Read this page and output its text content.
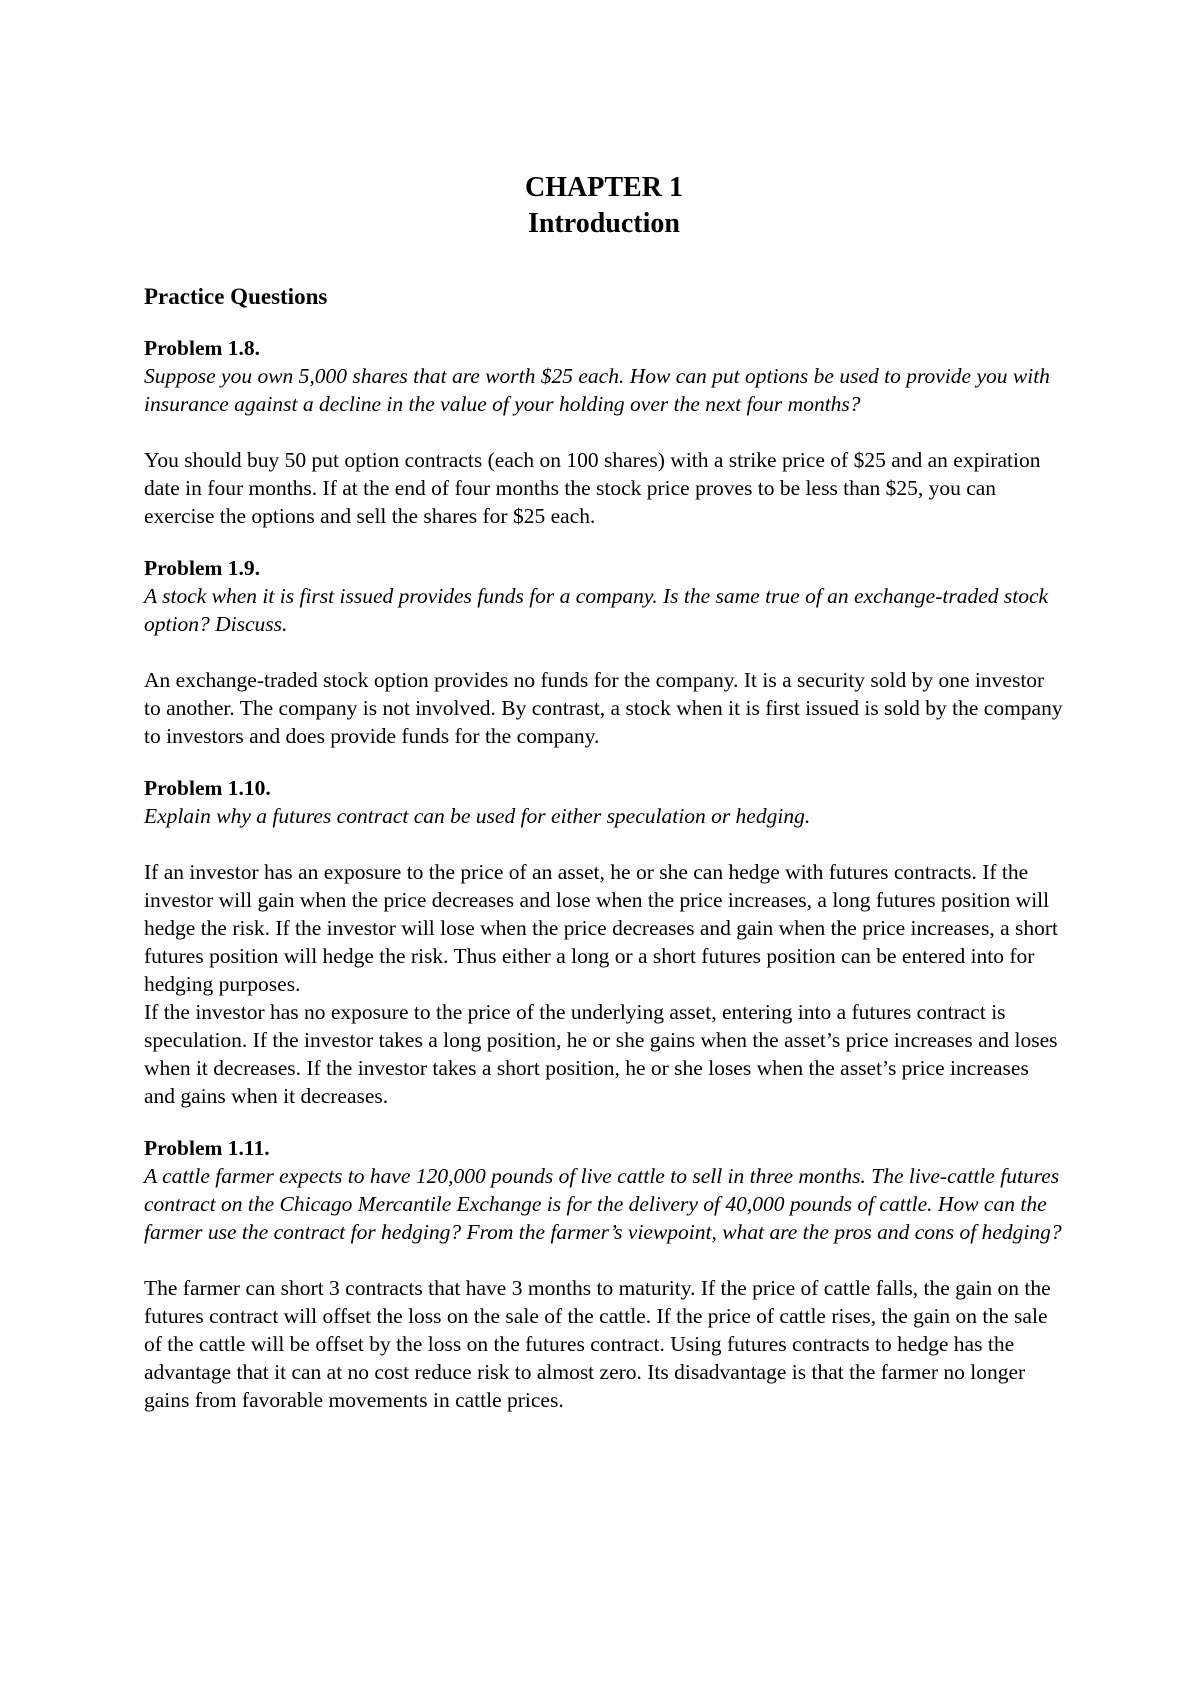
CHAPTER 1
Introduction
Practice Questions

Problem 1.8.

Suppose you own 5,000 shares that are worth $25 each. How can put options be used to provide you with insurance against a decline in the value of your holding over the next four months?

You should buy 50 put option contracts (each on 100 shares) with a strike price of $25 and an expiration date in four months. If at the end of four months the stock price proves to be less than $25, you can exercise the options and sell the shares for $25 each.

Problem 1.9.

A stock when it is first issued provides funds for a company. Is the same true of an exchange-traded stock option? Discuss.

An exchange-traded stock option provides no funds for the company. It is a security sold by one investor to another. The company is not involved. By contrast, a stock when it is first issued is sold by the company to investors and does provide funds for the company.

Problem 1.10.

Explain why a futures contract can be used for either speculation or hedging.

If an investor has an exposure to the price of an asset, he or she can hedge with futures contracts. If the investor will gain when the price decreases and lose when the price increases, a long futures position will hedge the risk. If the investor will lose when the price decreases and gain when the price increases, a short futures position will hedge the risk. Thus either a long or a short futures position can be entered into for hedging purposes.

If the investor has no exposure to the price of the underlying asset, entering into a futures contract is speculation. If the investor takes a long position, he or she gains when the asset’s price increases and loses when it decreases. If the investor takes a short position, he or she loses when the asset’s price increases and gains when it decreases.

Problem 1.11.

A cattle farmer expects to have 120,000 pounds of live cattle to sell in three months. The live-cattle futures contract on the Chicago Mercantile Exchange is for the delivery of 40,000 pounds of cattle. How can the farmer use the contract for hedging? From the farmer’s viewpoint, what are the pros and cons of hedging?

The farmer can short 3 contracts that have 3 months to maturity. If the price of cattle falls, the gain on the futures contract will offset the loss on the sale of the cattle. If the price of cattle rises, the gain on the sale of the cattle will be offset by the loss on the futures contract. Using futures contracts to hedge has the advantage that it can at no cost reduce risk to almost zero. Its disadvantage is that the farmer no longer gains from favorable movements in cattle prices.
